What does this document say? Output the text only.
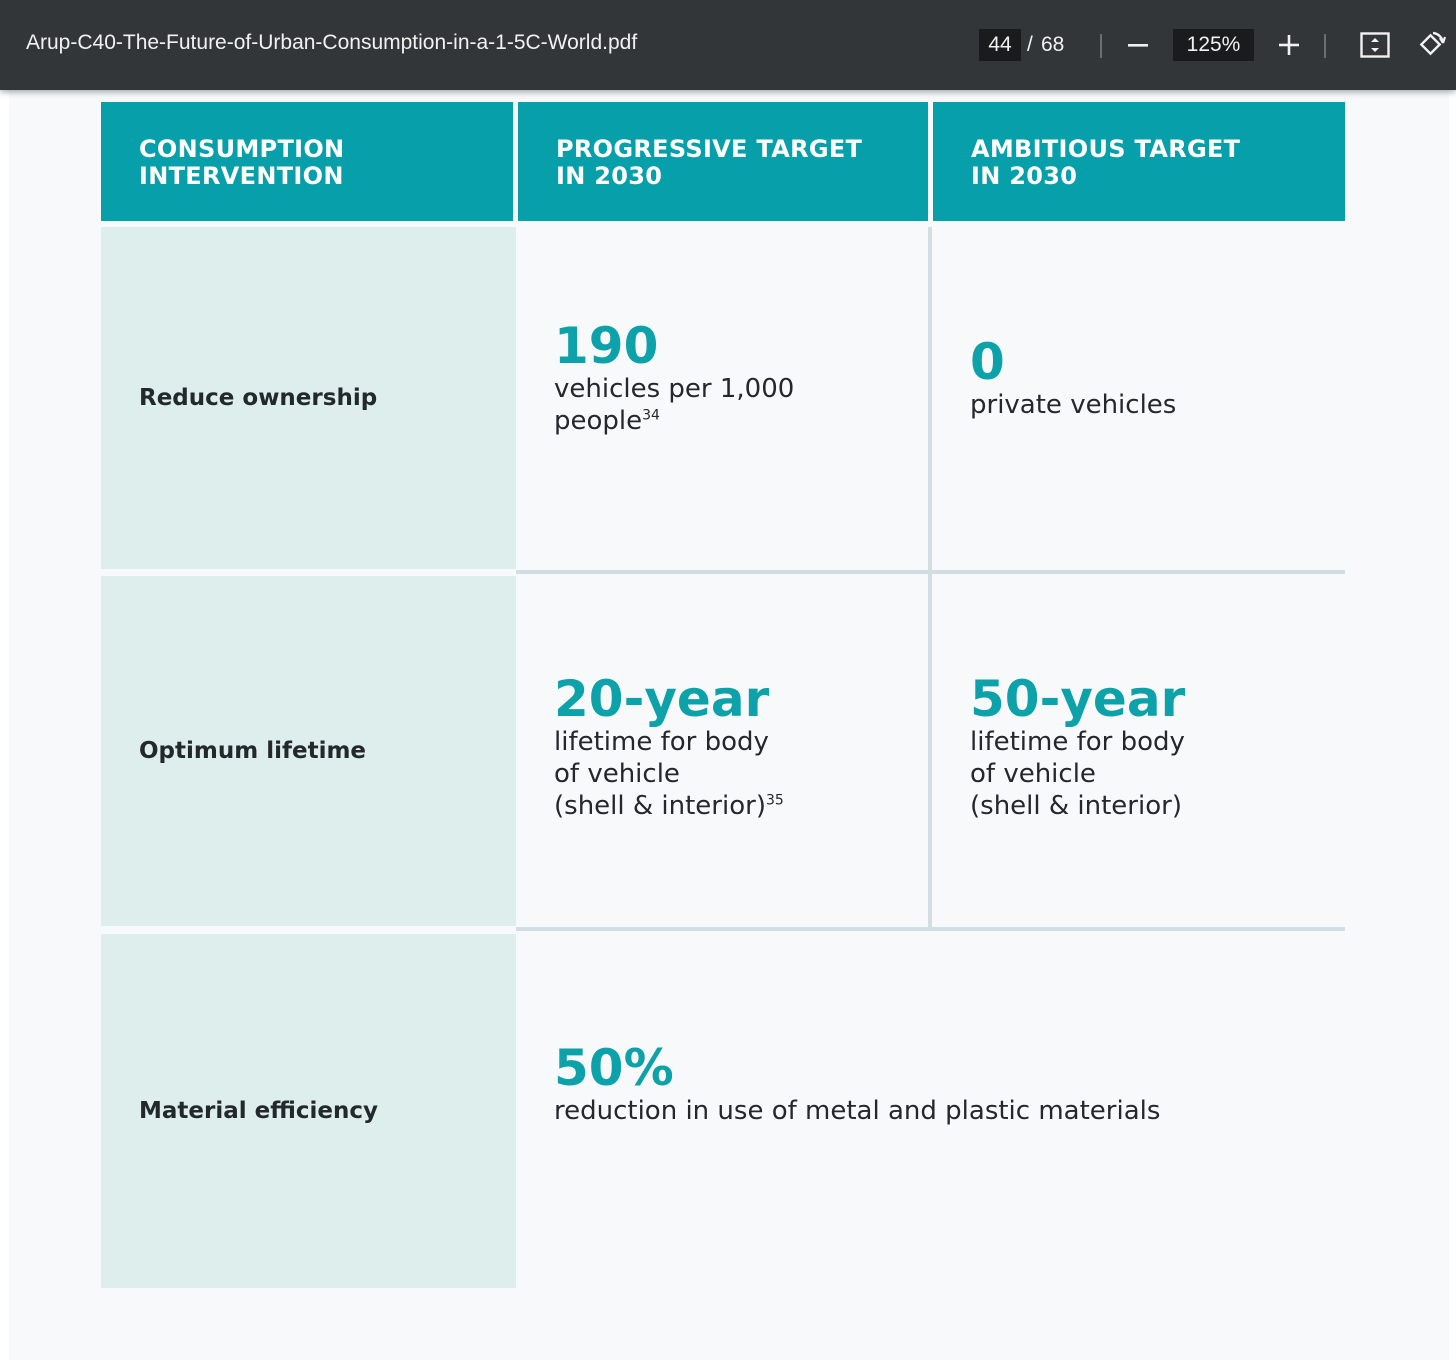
Arup-C40-The-Future-of-Urban-Consumption-in-a-1-5C-World.pdf
44	/ 68	125%
CONSUMPTION
INTERVENTION
PROGRESSIVE TARGET
IN 2030
AMBITIOUS TARGET
IN 2030
Reduce ownership
Optimum lifetime
Material efficiency
190
vehicles per 1,000
people$^{34}$
0
private vehicles
20-year
lifetime for body
of vehicle
(shell & interior)$^{35}$
50-year
lifetime for body
of vehicle
(shell & interior)
50%
reduction in use of metal and plastic materials
